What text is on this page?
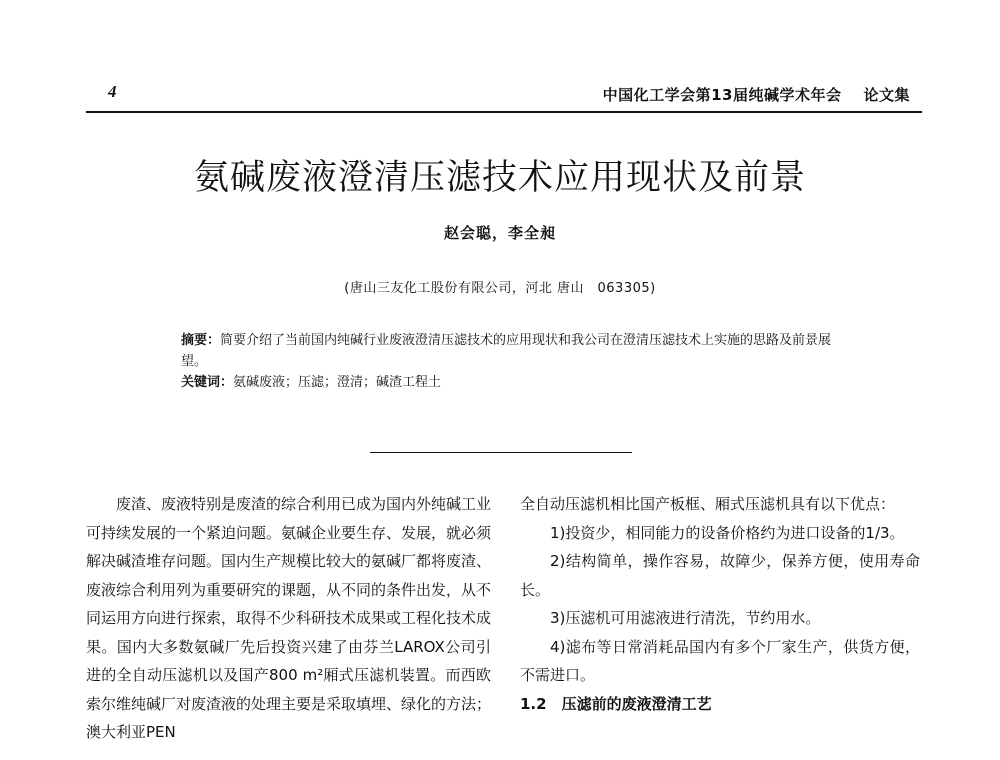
4	中国化工学会第13届纯碱学术年会 论文集
氨碱废液澄清压滤技术应用现状及前景
赵会聪，李全昶
(唐山三友化工股份有限公司，河北 唐山　063305)

摘要：简要介绍了当前国内纯碱行业废液澄清压滤技术的应用现状和我公司在澄清压滤技术上实施的思路及前景展望。

关键词：氨碱废液；压滤；澄清；碱渣工程土

废渣、废液特别是废渣的综合利用已成为国内外纯碱工业可持续发展的一个紧迫问题。氨碱企业要生存、发展，就必须解决碱渣堆存问题。国内生产规模比较大的氨碱厂都将废渣、废液综合利用列为重要研究的课题，从不同的条件出发，从不同运用方向进行探索，取得不少科研技术成果或工程化技术成果。国内大多数氨碱厂先后投资兴建了由芬兰LAROX公司引进的全自动压滤机以及国产800 m²厢式压滤机装置。而西欧索尔维纯碱厂对废渣液的处理主要是采取填埋、绿化的方法；澳大利亚PEN

全自动压滤机相比国产板框、厢式压滤机具有以下优点：

1)投资少，相同能力的设备价格约为进口设备的1/3。

2)结构简单，操作容易，故障少，保养方便，使用寿命长。

3)压滤机可用滤液进行清洗，节约用水。

4)滤布等日常消耗品国内有多个厂家生产，供货方便，不需进口。

1.2　压滤前的废液澄清工艺
